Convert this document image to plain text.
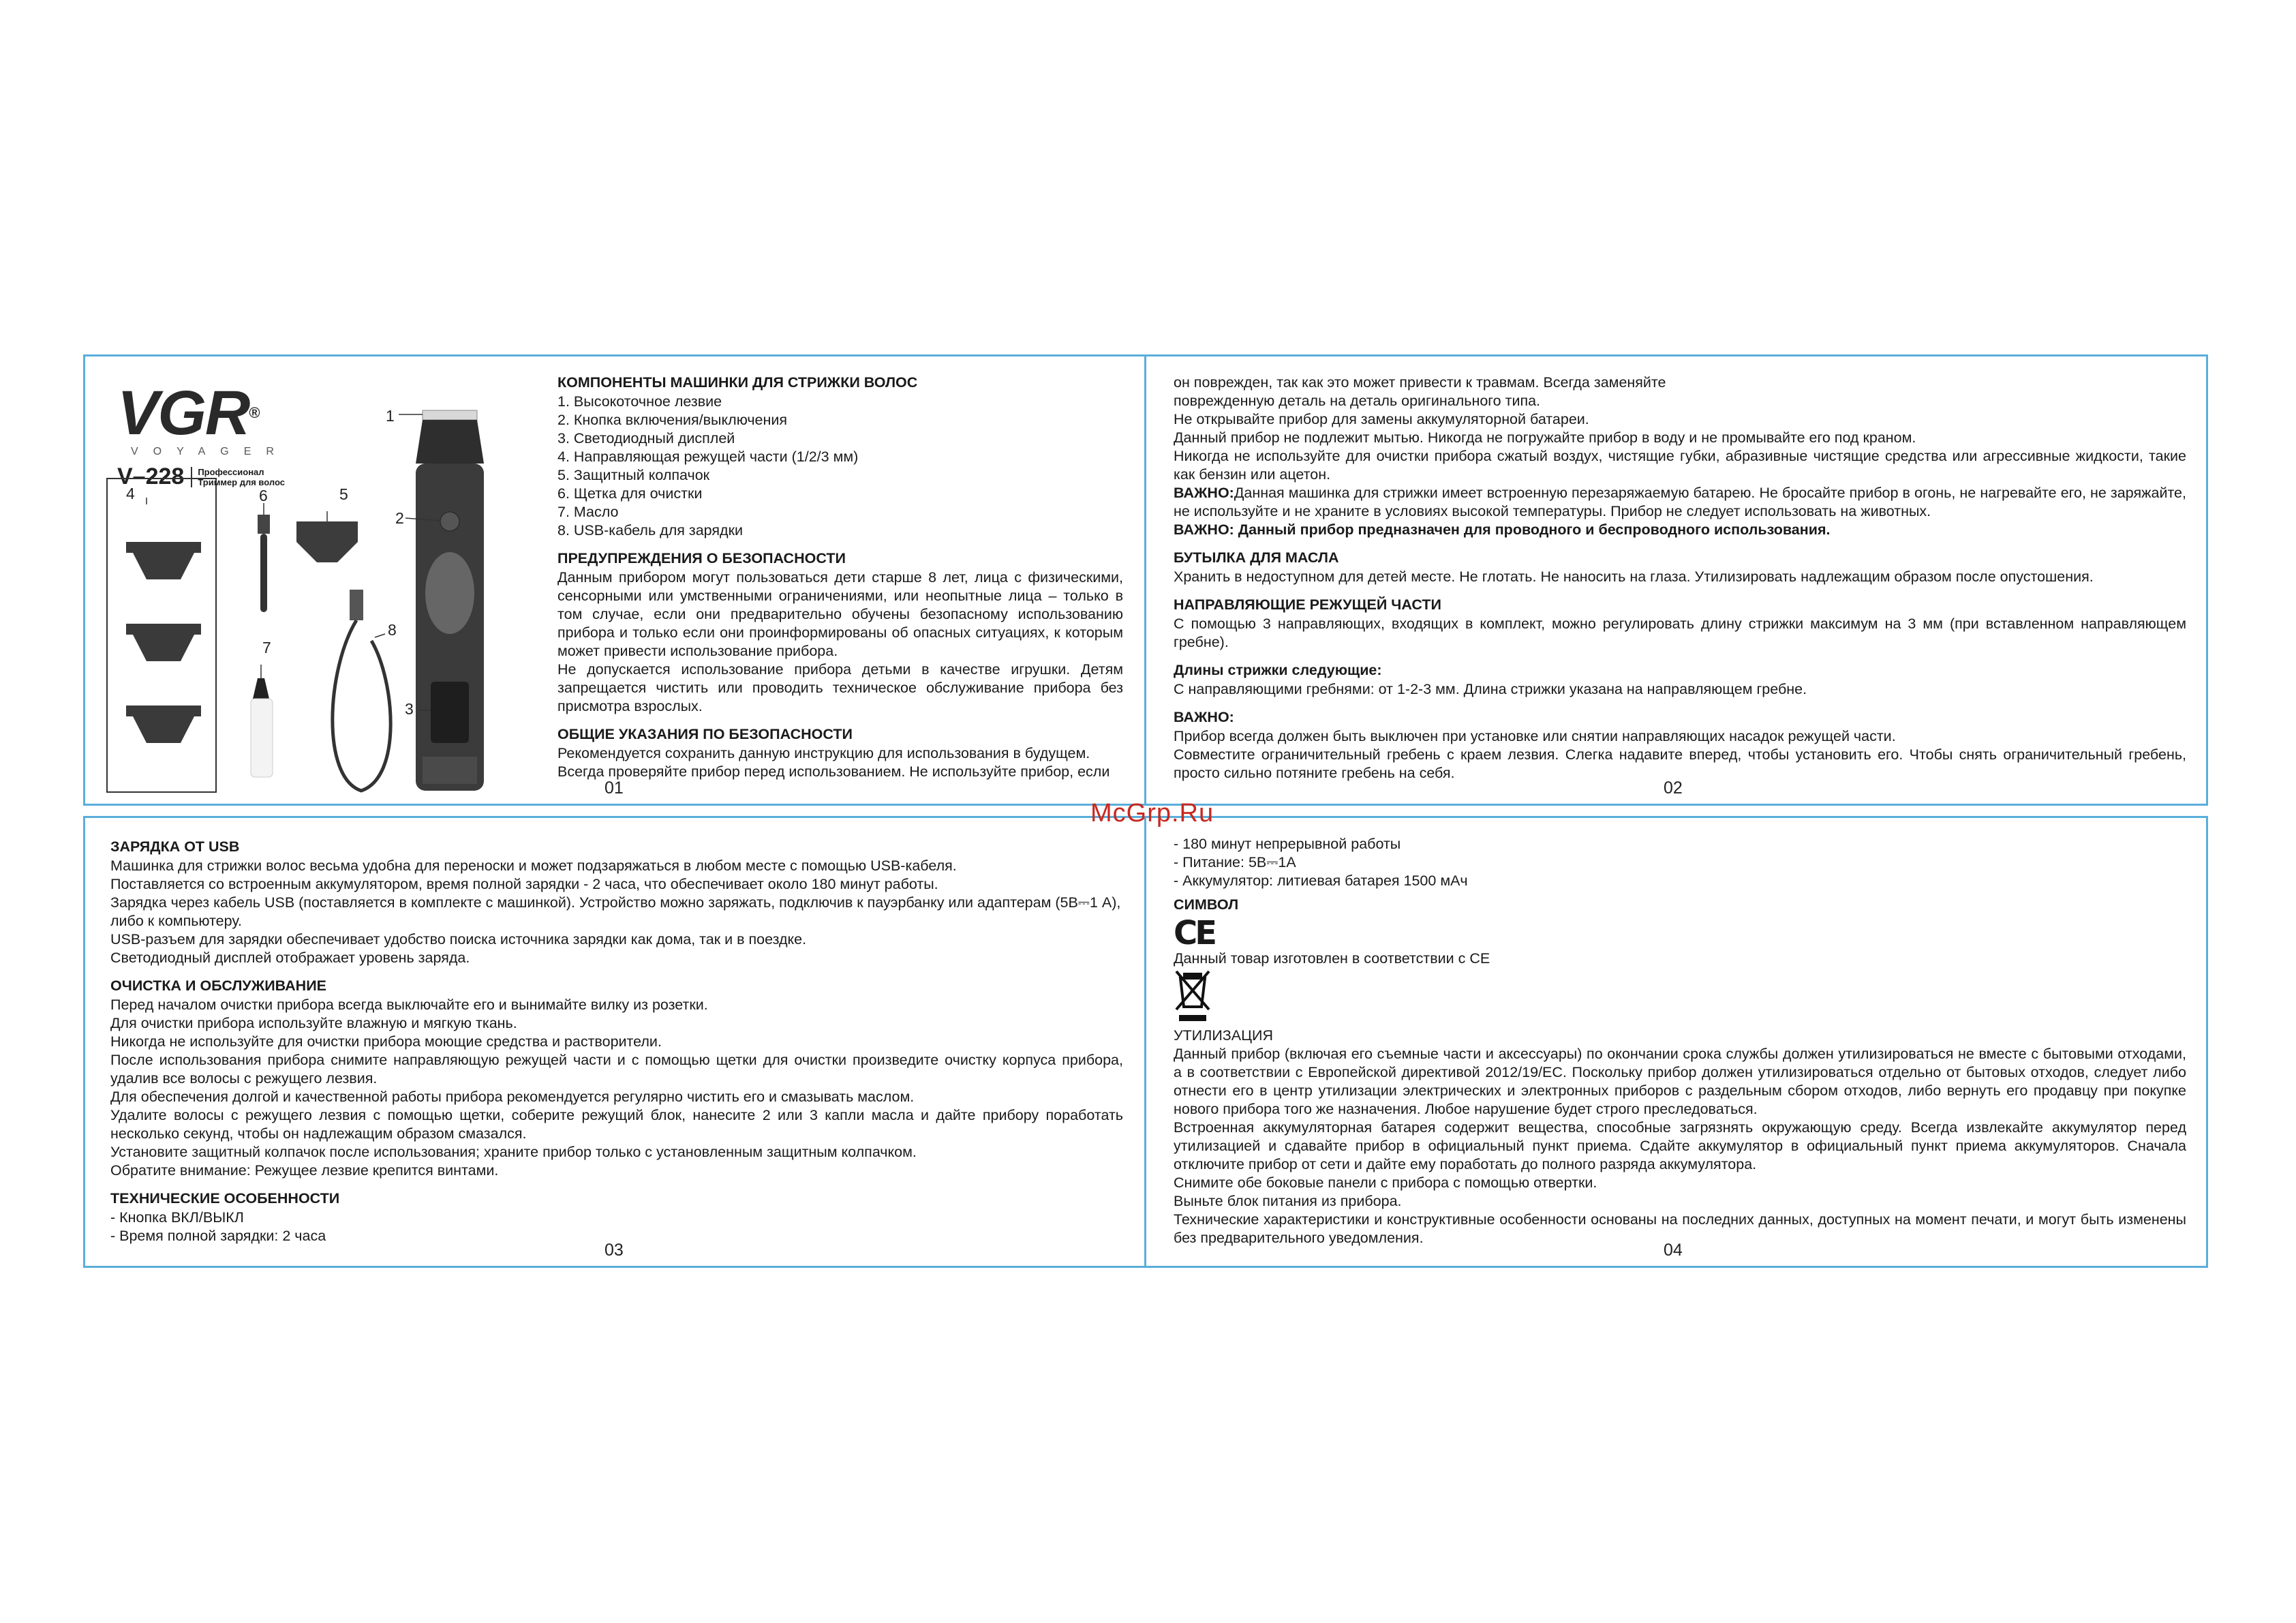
McGrp.Ru
VGR®
VOYAGER
V–228	Профессионал
Триммер для волос
1
2
3
4	5
6
7
8
КОМПОНЕНТЫ МАШИНКИ ДЛЯ СТРИЖКИ ВОЛОС

1. Высокоточное лезвие

2. Кнопка включения/выключения

3. Светодиодный дисплей

4. Направляющая режущей части (1/2/3 мм)

5. Защитный колпачок

6. Щетка для очистки

7. Масло

8. USB-кабель для зарядки

ПРЕДУПРЕЖДЕНИЯ О БЕЗОПАСНОСТИ

Данным прибором могут пользоваться дети старше 8 лет, лица с физическими, сенсорными или умственными ограничениями, или неопытные лица – только в том случае, если они предварительно обучены безопасному использованию прибора и только если они проинформированы об опасных ситуациях, к которым может привести использование прибора.

Не допускается использование прибора детьми в качестве игрушки. Детям запрещается чистить или проводить техническое обслуживание прибора без присмотра взрослых.

ОБЩИЕ УКАЗАНИЯ ПО БЕЗОПАСНОСТИ

Рекомендуется сохранить данную инструкцию для использования в будущем.

Всегда проверяйте прибор перед использованием. Не используйте прибор, если

01

он поврежден, так как это может привести к травмам. Всегда заменяйте

поврежденную деталь на деталь оригинального типа.

Не открывайте прибор для замены аккумуляторной батареи.

Данный прибор не подлежит мытью. Никогда не погружайте прибор в воду и не промывайте его под краном.

Никогда не используйте для очистки прибора сжатый воздух, чистящие губки, абразивные чистящие средства или агрессивные жидкости, такие как бензин или ацетон.

ВАЖНО:Данная машинка для стрижки имеет встроенную перезаряжаемую батарею. Не бросайте прибор в огонь, не нагревайте его, не заряжайте, не используйте и не храните в условиях высокой температуры. Прибор не следует использовать на животных.

ВАЖНО: Данный прибор предназначен для проводного и беспроводного использования.

БУТЫЛКА ДЛЯ МАСЛА

Хранить в недоступном для детей месте. Не глотать. Не наносить на глаза. Утилизировать надлежащим образом после опустошения.

НАПРАВЛЯЮЩИЕ РЕЖУЩЕЙ ЧАСТИ

С помощью 3 направляющих, входящих в комплект, можно регулировать длину стрижки максимум на 3 мм (при вставленном направляющем гребне).

Длины стрижки следующие:

С направляющими гребнями: от 1-2-3 мм. Длина стрижки указана на направляющем гребне.

ВАЖНО:

Прибор всегда должен быть выключен при установке или снятии направляющих насадок режущей части.

Совместите ограничительный гребень с краем лезвия. Слегка надавите вперед, чтобы установить его. Чтобы снять ограничительный гребень, просто сильно потяните гребень на себя.

02
ЗАРЯДКА ОТ USB

Машинка для стрижки волос весьма удобна для переноски и может подзаряжаться в любом месте с помощью USB-кабеля.

Поставляется со встроенным аккумулятором, время полной зарядки - 2 часа, что обеспечивает около 180 минут работы.

Зарядка через кабель USB (поставляется в комплекте с машинкой). Устройство можно заряжать, подключив к пауэрбанку или адаптерам (5В⎓1 А), либо к компьютеру.

USB-разъем для зарядки обеспечивает удобство поиска источника зарядки как дома, так и в поездке.

Светодиодный дисплей отображает уровень заряда.

ОЧИСТКА И ОБСЛУЖИВАНИЕ

Перед началом очистки прибора всегда выключайте его и вынимайте вилку из розетки.

Для очистки прибора используйте влажную и мягкую ткань.

Никогда не используйте для очистки прибора моющие средства и растворители.

После использования прибора снимите направляющую режущей части и с помощью щетки для очистки произведите очистку корпуса прибора, удалив все волосы с режущего лезвия.

Для обеспечения долгой и качественной работы прибора рекомендуется регулярно чистить его и смазывать маслом.

Удалите волосы с режущего лезвия с помощью щетки, соберите режущий блок, нанесите 2 или 3 капли масла и дайте прибору поработать несколько секунд, чтобы он надлежащим образом смазался.

Установите защитный колпачок после использования; храните прибор только с установленным защитным колпачком.

Обратите внимание: Режущее лезвие крепится винтами.

ТЕХНИЧЕСКИЕ ОСОБЕННОСТИ

- Кнопка ВКЛ/ВЫКЛ

- Время полной зарядки: 2 часа

03

- 180 минут непрерывной работы

- Питание: 5В⎓1А

- Аккумулятор: литиевая батарея 1500 мАч

СИМВОЛ
CE
Данный товар изготовлен в соответствии с CE

УТИЛИЗАЦИЯ

Данный прибор (включая его съемные части и аксессуары) по окончании срока службы должен утилизироваться не вместе с бытовыми отходами, а в соответствии с Европейской директивой 2012/19/EC. Поскольку прибор должен утилизироваться отдельно от бытовых отходов, следует либо отнести его в центр утилизации электрических и электронных приборов с раздельным сбором отходов, либо вернуть его продавцу при покупке нового прибора того же назначения. Любое нарушение будет строго преследоваться.

Встроенная аккумуляторная батарея содержит вещества, способные загрязнять окружающую среду. Всегда извлекайте аккумулятор перед утилизацией и сдавайте прибор в официальный пункт приема. Сдайте аккумулятор в официальный пункт приема аккумуляторов. Сначала отключите прибор от сети и дайте ему поработать до полного разряда аккумулятора.

Снимите обе боковые панели с прибора с помощью отвертки.

Выньте блок питания из прибора.

Технические характеристики и конструктивные особенности основаны на последних данных, доступных на момент печати, и могут быть изменены без предварительного уведомления.

04
